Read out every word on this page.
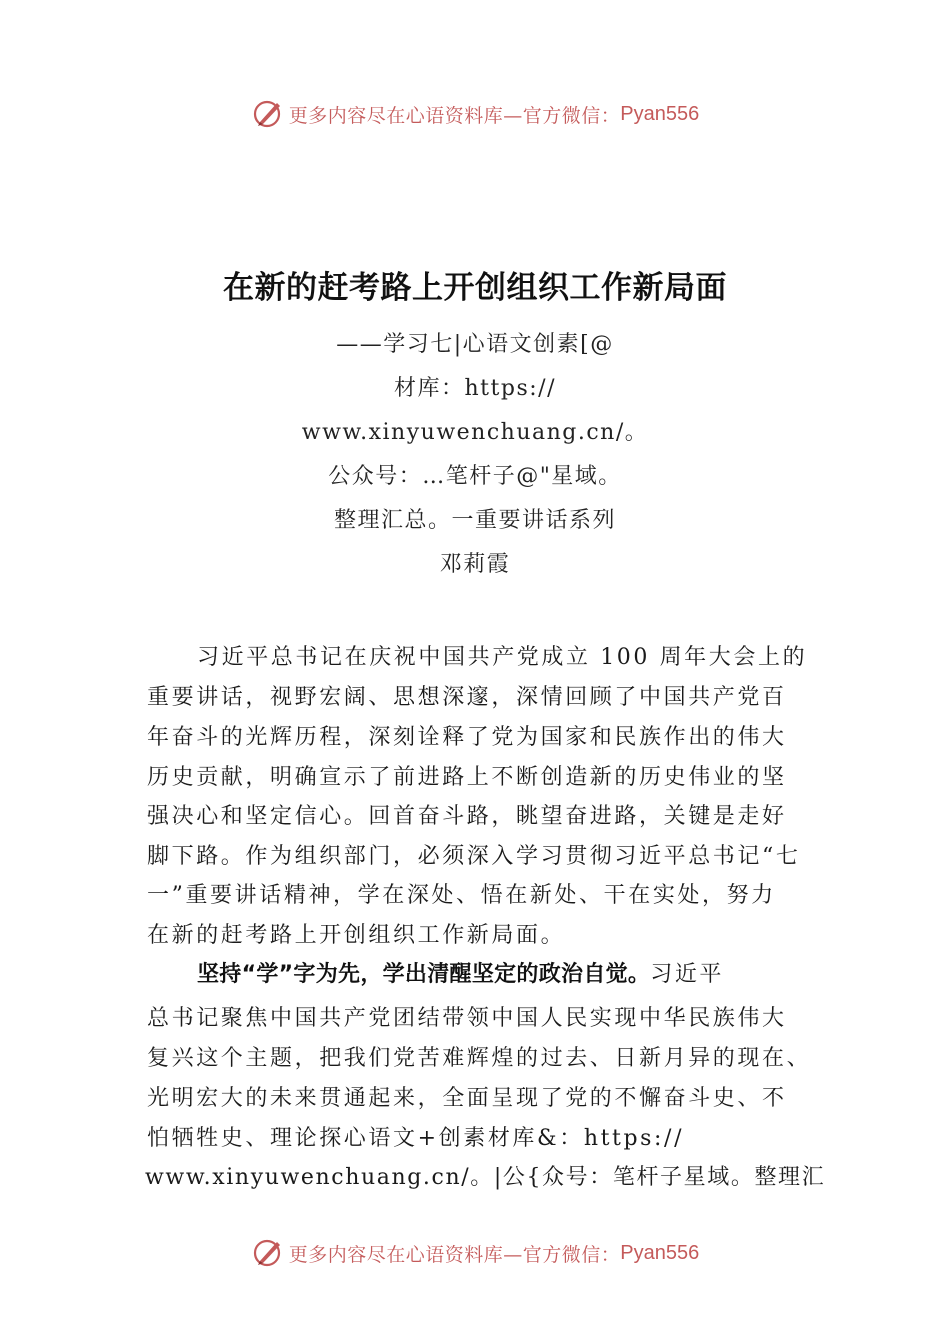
更多内容尽在心语资料库—官方微信： Pyan556
在新的赶考路上开创组织工作新局面
——学习七|心语文创素[@
材库：https://
www.xinyuwenchuang.cn/。
公众号：…笔杆子@"星域。
整理汇总。一重要讲话系列
邓莉霞
习近平总书记在庆祝中国共产党成立 100 周年大会上的
重要讲话，视野宏阔、思想深邃，深情回顾了中国共产党百
年奋斗的光辉历程，深刻诠释了党为国家和民族作出的伟大
历史贡献，明确宣示了前进路上不断创造新的历史伟业的坚
强决心和坚定信心。回首奋斗路，眺望奋进路，关键是走好
脚下路。作为组织部门，必须深入学习贯彻习近平总书记“七
一”重要讲话精神，学在深处、悟在新处、干在实处，努力
在新的赶考路上开创组织工作新局面。
坚持“学”字为先，学出清醒坚定的政治自觉。习近平
总书记聚焦中国共产党团结带领中国人民实现中华民族伟大
复兴这个主题，把我们党苦难辉煌的过去、日新月异的现在、
光明宏大的未来贯通起来，全面呈现了党的不懈奋斗史、不
怕牺牲史、理论探心语文+创素材库&：https://
www.xinyuwenchuang.cn/。|公{众号：笔杆子星域。整理汇
更多内容尽在心语资料库—官方微信： Pyan556
